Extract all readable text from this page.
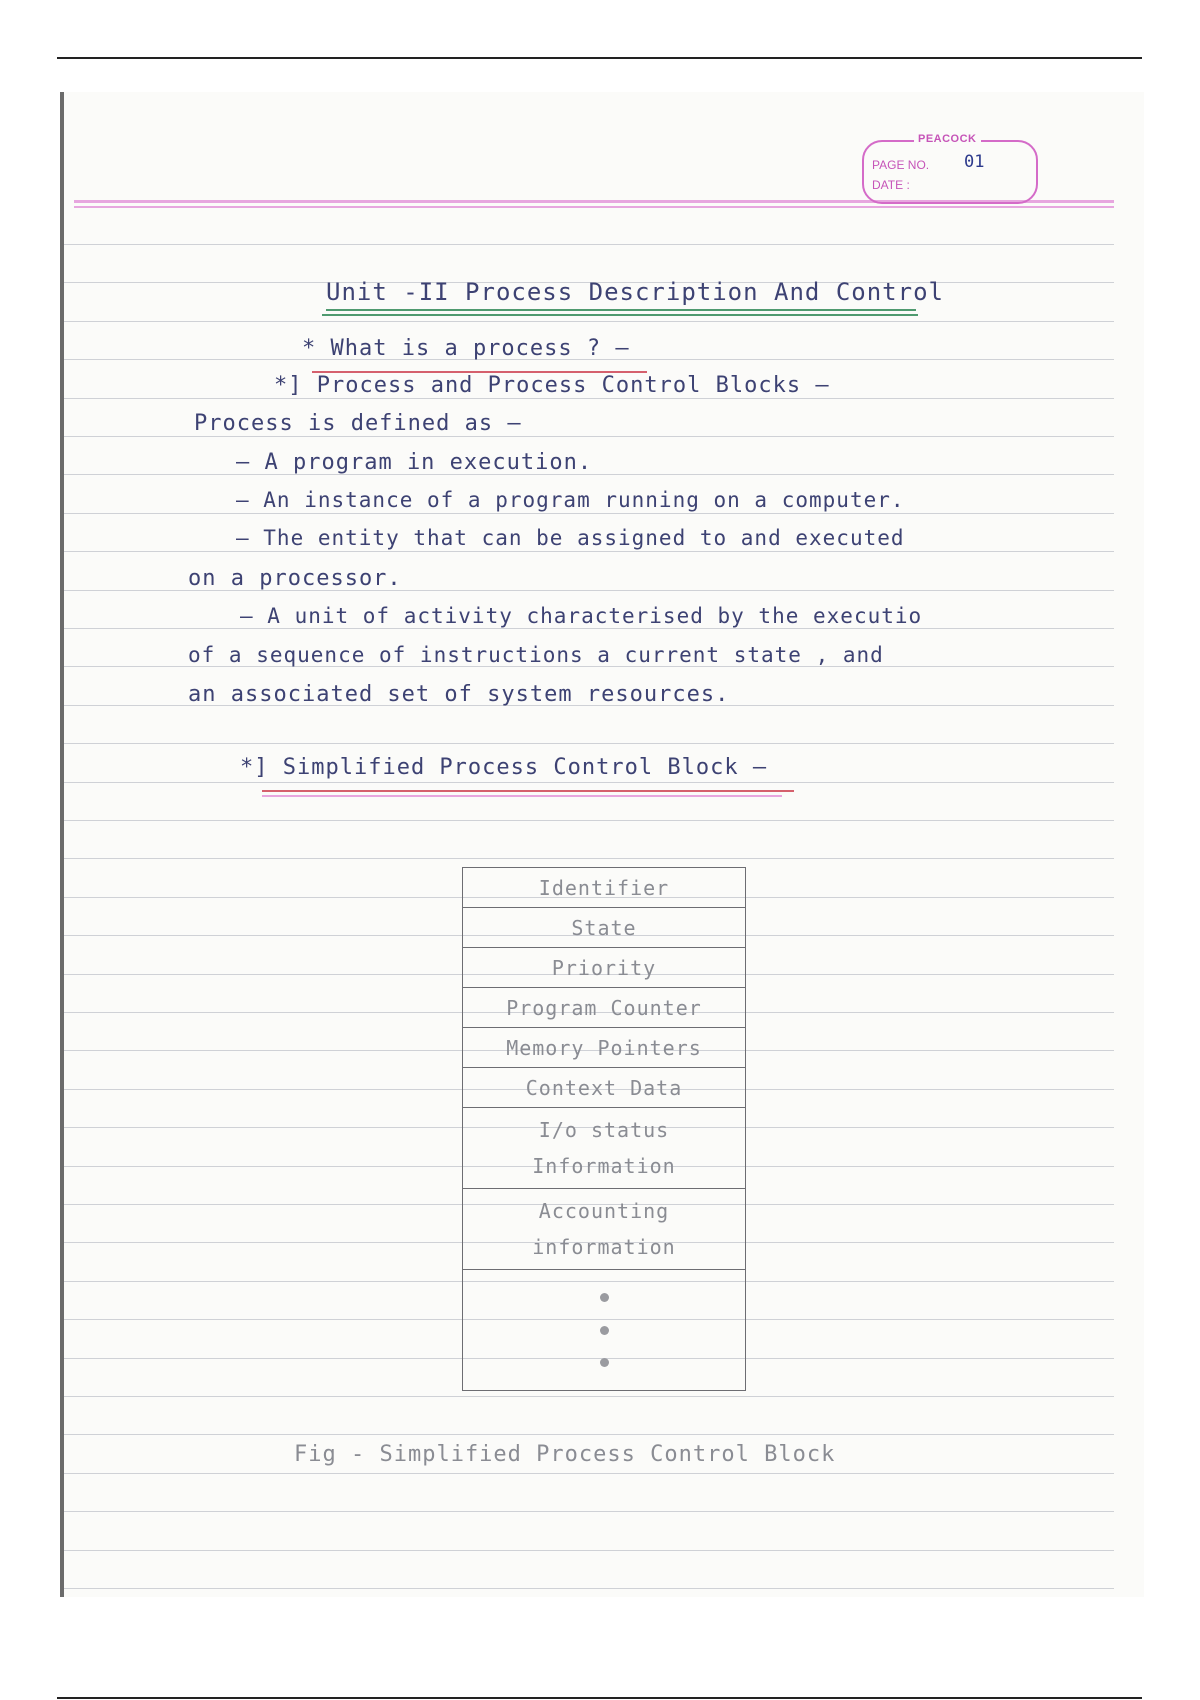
PEACOCK
PAGE NO. 01
DATE :
Unit -II Process Description And Control
* What is a process ? —
*] Process and Process Control Blocks —
Process is defined as —
— A program in execution.
— An instance of a program running on a computer.
— The entity that can be assigned to and executed
on a processor.
— A unit of activity characterised by the executio
of a sequence of instructions a current state , and
an associated set of system resources.
*] Simplified Process Control Block —
Identifier
State
Priority
Program Counter
Memory Pointers
Context Data
I/o status
Information
Accounting
information
Fig - Simplified Process Control Block
